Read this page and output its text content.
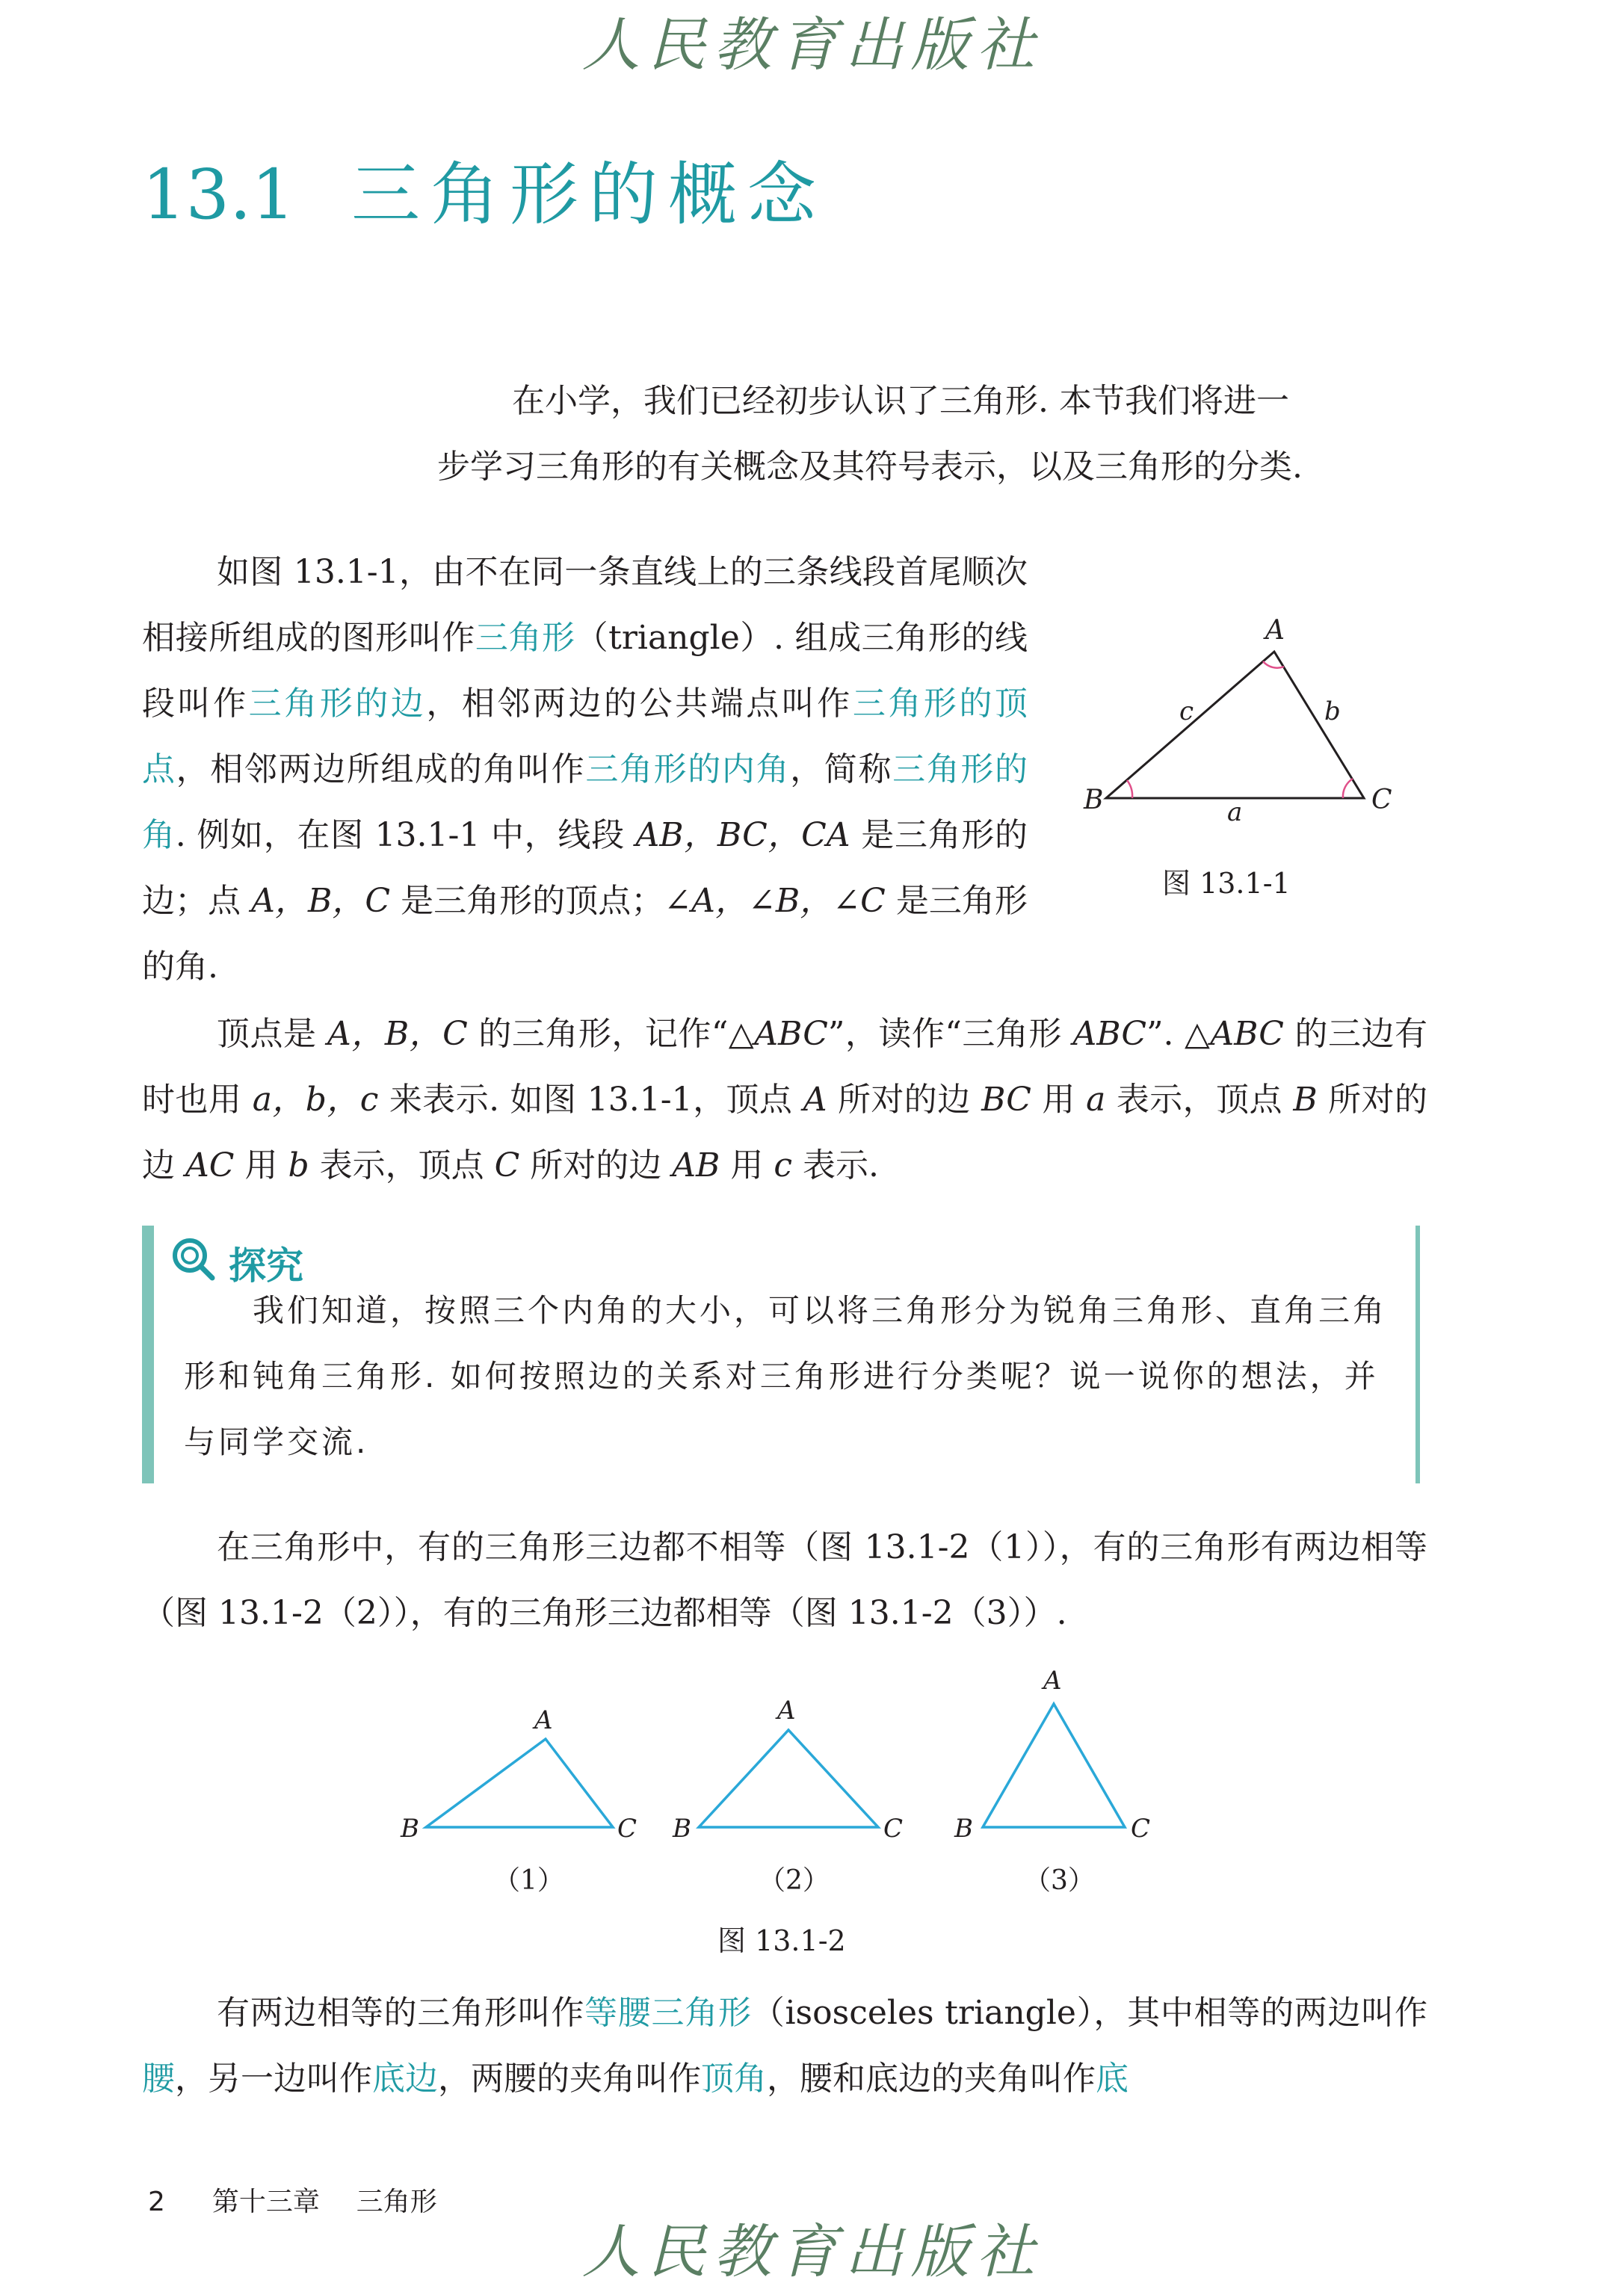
人民教育出版社
13.1 三角形的概念
在小学，我们已经初步认识了三角形. 本节我们将进一
步学习三角形的有关概念及其符号表示，以及三角形的分类.

如图 13.1-1，由不在同一条直线上的三条线段首尾顺次相接所组成的图形叫作三角形（triangle）. 组成三角形的线段叫作三角形的边，相邻两边的公共端点叫作三角形的顶点，相邻两边所组成的角叫作三角形的内角，简称三角形的角. 例如，在图 13.1-1 中，线段 AB，BC，CA 是三角形的边；点 A，B，C 是三角形的顶点；∠A，∠B，∠C 是三角形的角.

A
B	C
a
b
c
图 13.1-1

顶点是 A，B，C 的三角形，记作“△ABC”，读作“三角形 ABC”. △ABC 的三边有时也用 a，b，c 来表示. 如图 13.1-1，顶点 A 所对的边 BC 用 a 表示，顶点 B 所对的边 AC 用 b 表示，顶点 C 所对的边 AB 用 c 表示.

探究

我们知道，按照三个内角的大小，可以将三角形分为锐角三角形、直角三角形和钝角三角形. 如何按照边的关系对三角形进行分类呢？说一说你的想法，并与同学交流.

在三角形中，有的三角形三边都不相等（图 13.1-2（1）），有的三角形有两边相等（图 13.1-2（2）），有的三角形三边都相等（图 13.1-2（3））.

A
B	C
A
B	C
A
B	C
（1）	（2）	（3）
图 13.1-2

有两边相等的三角形叫作等腰三角形（isosceles triangle），其中相等的两边叫作腰，另一边叫作底边，两腰的夹角叫作顶角，腰和底边的夹角叫作底

2 第十三章 三角形
人民教育出版社
